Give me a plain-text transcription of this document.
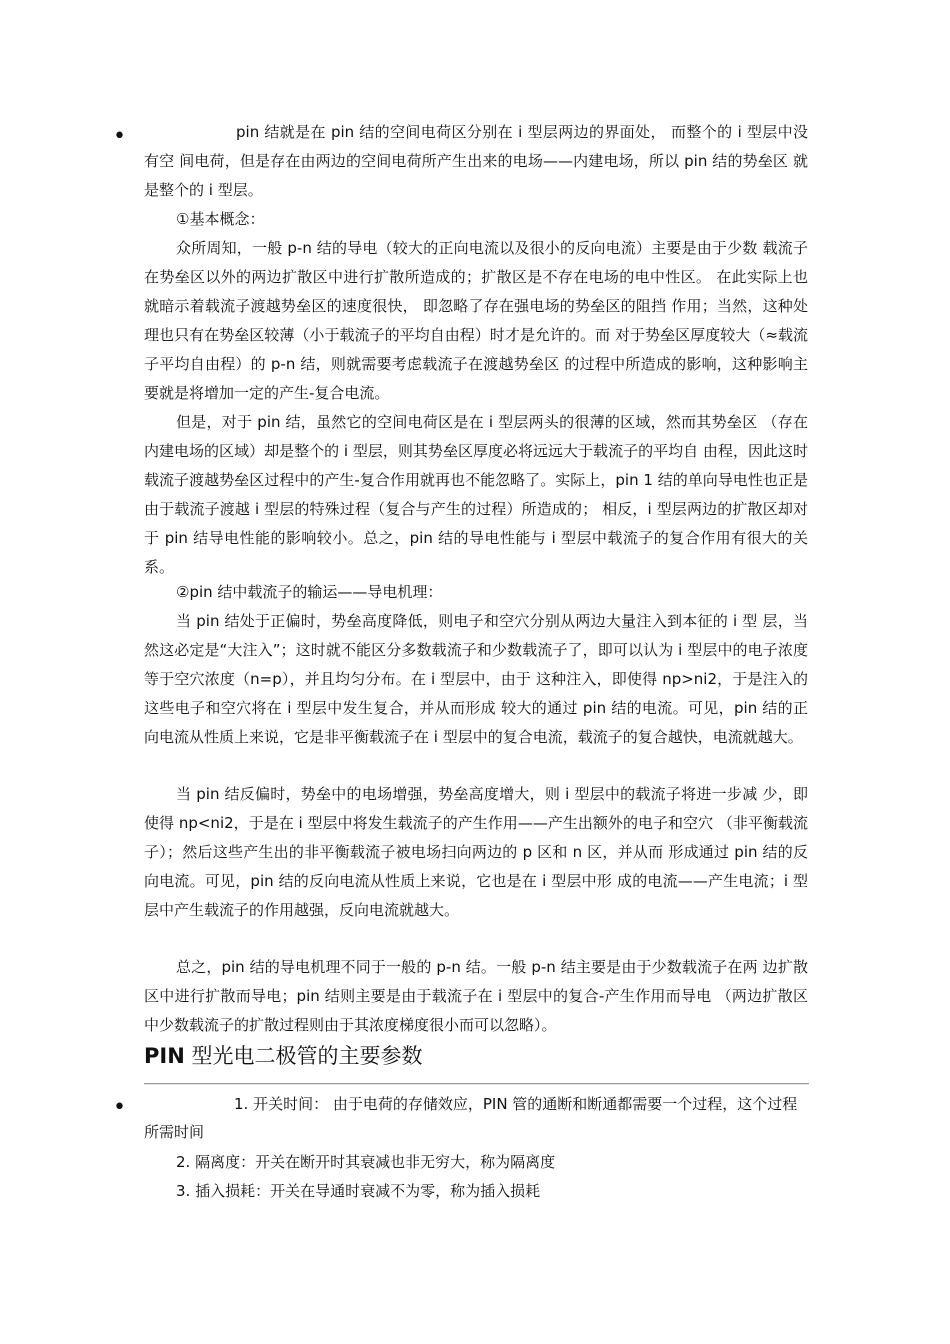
•	pin 结就是在 pin 结的空间电荷区分别在 i 型层两边的界面处， 而整个的 i 型层中没有空 间电荷，但是存在由两边的空间电荷所产生出来的电场——内建电场，所以 pin 结的势垒区 就是整个的 i 型层。

①基本概念：

众所周知，一般 p-n 结的导电（较大的正向电流以及很小的反向电流）主要是由于少数 载流子在势垒区以外的两边扩散区中进行扩散所造成的；扩散区是不存在电场的电中性区。 在此实际上也就暗示着载流子渡越势垒区的速度很快， 即忽略了存在强电场的势垒区的阻挡 作用；当然，这种处理也只有在势垒区较薄（小于载流子的平均自由程）时才是允许的。而 对于势垒区厚度较大（≈载流子平均自由程）的 p-n 结，则就需要考虑载流子在渡越势垒区 的过程中所造成的影响，这种影响主要就是将增加一定的产生-复合电流。

但是，对于 pin 结，虽然它的空间电荷区是在 i 型层两头的很薄的区域，然而其势垒区 （存在内建电场的区域）却是整个的 i 型层，则其势垒区厚度必将远远大于载流子的平均自 由程，因此这时载流子渡越势垒区过程中的产生-复合作用就再也不能忽略了。实际上，pin 1 结的单向导电性也正是由于载流子渡越 i 型层的特殊过程（复合与产生的过程）所造成的； 相反，i 型层两边的扩散区却对于 pin 结导电性能的影响较小。总之，pin 结的导电性能与 i 型层中载流子的复合作用有很大的关系。

②pin 结中载流子的输运——导电机理：

当 pin 结处于正偏时，势垒高度降低，则电子和空穴分别从两边大量注入到本征的 i 型 层，当然这必定是“大注入”；这时就不能区分多数载流子和少数载流子了，即可以认为 i 型层中的电子浓度等于空穴浓度（n=p），并且均匀分布。在 i 型层中，由于 这种注入，即使得 np>ni2，于是注入的这些电子和空穴将在 i 型层中发生复合，并从而形成 较大的通过 pin 结的电流。可见，pin 结的正向电流从性质上来说，它是非平衡载流子在 i 型层中的复合电流，载流子的复合越快，电流就越大。

当 pin 结反偏时，势垒中的电场增强，势垒高度增大，则 i 型层中的载流子将进一步减 少，即使得 np<ni2，于是在 i 型层中将发生载流子的产生作用——产生出额外的电子和空穴 （非平衡载流子）；然后这些产生出的非平衡载流子被电场扫向两边的 p 区和 n 区，并从而 形成通过 pin 结的反向电流。可见，pin 结的反向电流从性质上来说，它也是在 i 型层中形 成的电流——产生电流；i 型层中产生载流子的作用越强，反向电流就越大。

总之，pin 结的导电机理不同于一般的 p-n 结。一般 p-n 结主要是由于少数载流子在两 边扩散区中进行扩散而导电；pin 结则主要是由于载流子在 i 型层中的复合-产生作用而导电 （两边扩散区中少数载流子的扩散过程则由于其浓度梯度很小而可以忽略）。

PIN 型光电二极管的主要参数
•	1. 开关时间： 由于电荷的存储效应，PIN 管的通断和断通都需要一个过程，这个过程所需时间

2. 隔离度：开关在断开时其衰减也非无穷大，称为隔离度

3. 插入损耗：开关在导通时衰减不为零，称为插入损耗
